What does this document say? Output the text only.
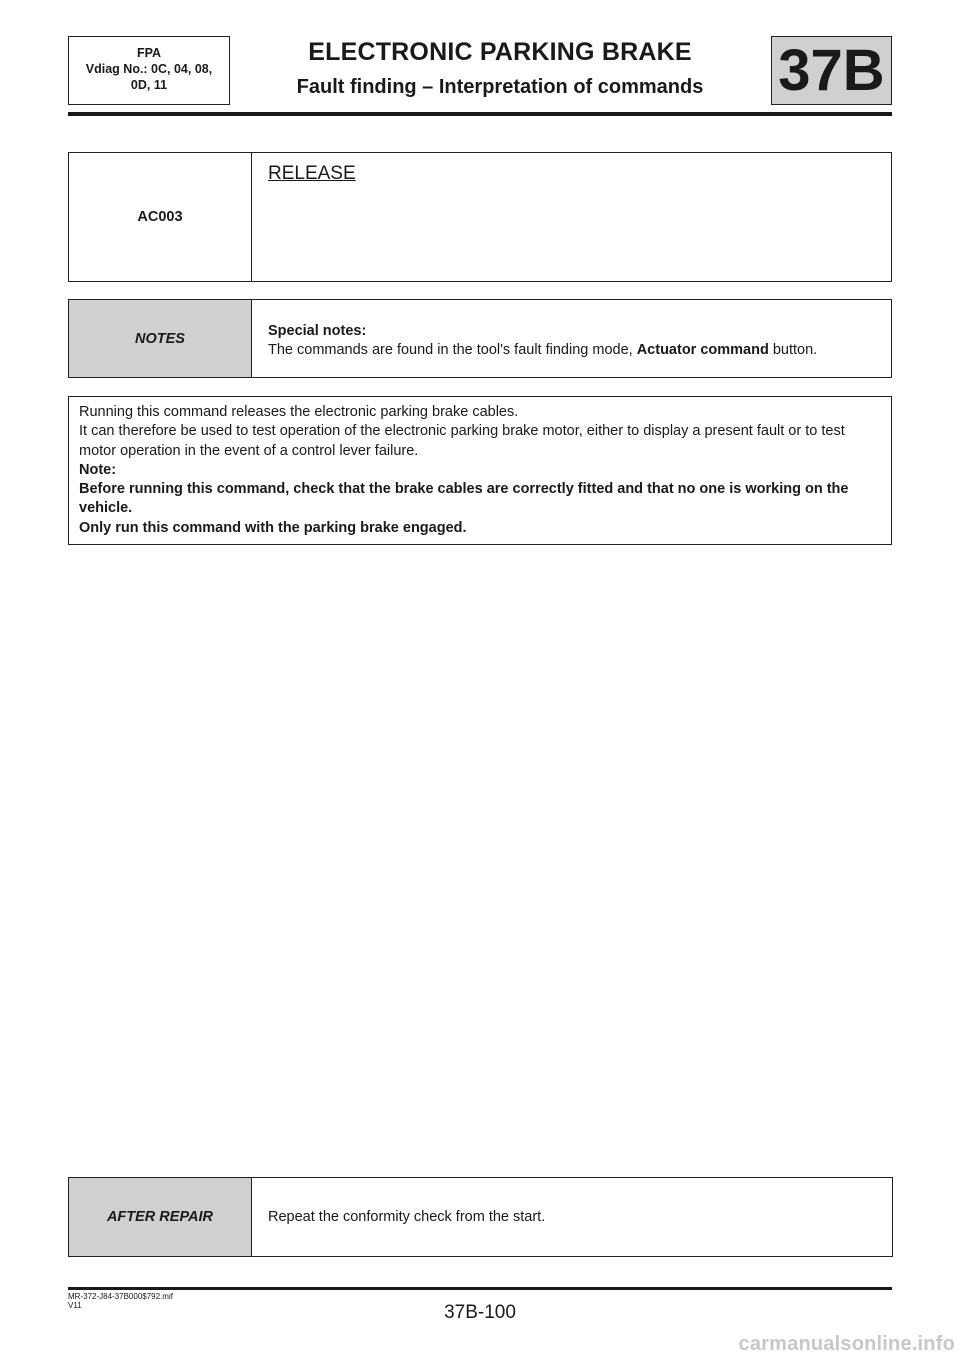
FPA
Vdiag No.: 0C, 04, 08,
0D, 11
ELECTRONIC PARKING BRAKE
Fault finding – Interpretation of commands	37B
AC003
RELEASE
NOTES	Special notes:
The commands are found in the tool's fault finding mode, Actuator command button.
Running this command releases the electronic parking brake cables.
It can therefore be used to test operation of the electronic parking brake motor, either to display a present fault or to test motor operation in the event of a control lever failure.
Note:
Before running this command, check that the brake cables are correctly fitted and that no one is working on the vehicle.
Only run this command with the parking brake engaged.
AFTER REPAIR	Repeat the conformity check from the start.
MR-372-J84-37B000$792.mif
V11	37B-100
carmanualsonline.info
